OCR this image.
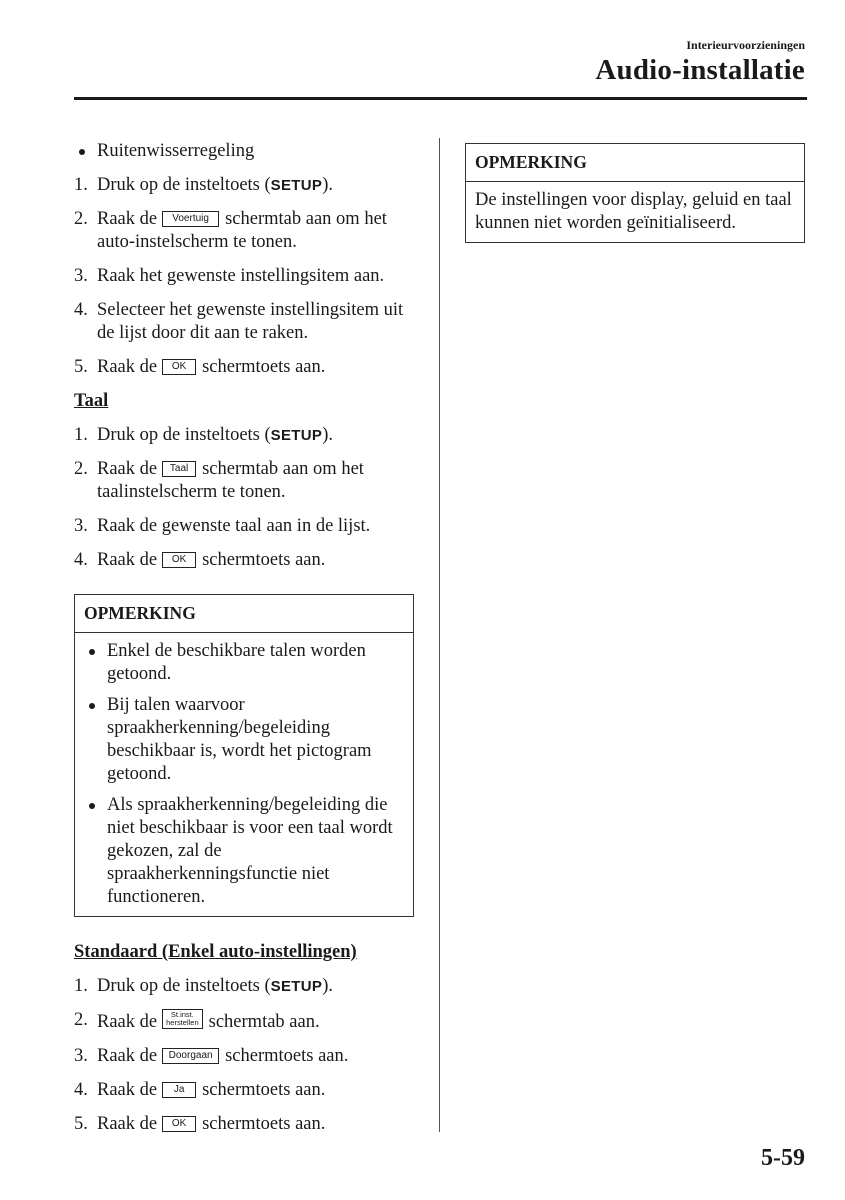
Interieurvoorzieningen
Audio-installatie
Ruitenwisserregeling
1. Druk op de insteltoets (SETUP).
2. Raak de Voertuig schermtab aan om het auto-instelscherm te tonen.
3. Raak het gewenste instellingsitem aan.
4. Selecteer het gewenste instellingsitem uit de lijst door dit aan te raken.
5. Raak de OK schermtoets aan.
Taal
1. Druk op de insteltoets (SETUP).
2. Raak de Taal schermtab aan om het taalinstelscherm te tonen.
3. Raak de gewenste taal aan in de lijst.
4. Raak de OK schermtoets aan.
OPMERKING
Enkel de beschikbare talen worden getoond.
Bij talen waarvoor spraakherkenning/begeleiding beschikbaar is, wordt het pictogram getoond.
Als spraakherkenning/begeleiding die niet beschikbaar is voor een taal wordt gekozen, zal de spraakherkenningsfunctie niet functioneren.
Standaard (Enkel auto-instellingen)
1. Druk op de insteltoets (SETUP).
2. Raak de	St.inst.
herstellen schermtab aan.
3. Raak de Doorgaan schermtoets aan.
4. Raak de Ja schermtoets aan.
5. Raak de OK schermtoets aan.
OPMERKING
De instellingen voor display, geluid en taal kunnen niet worden geïnitialiseerd.
5-59
